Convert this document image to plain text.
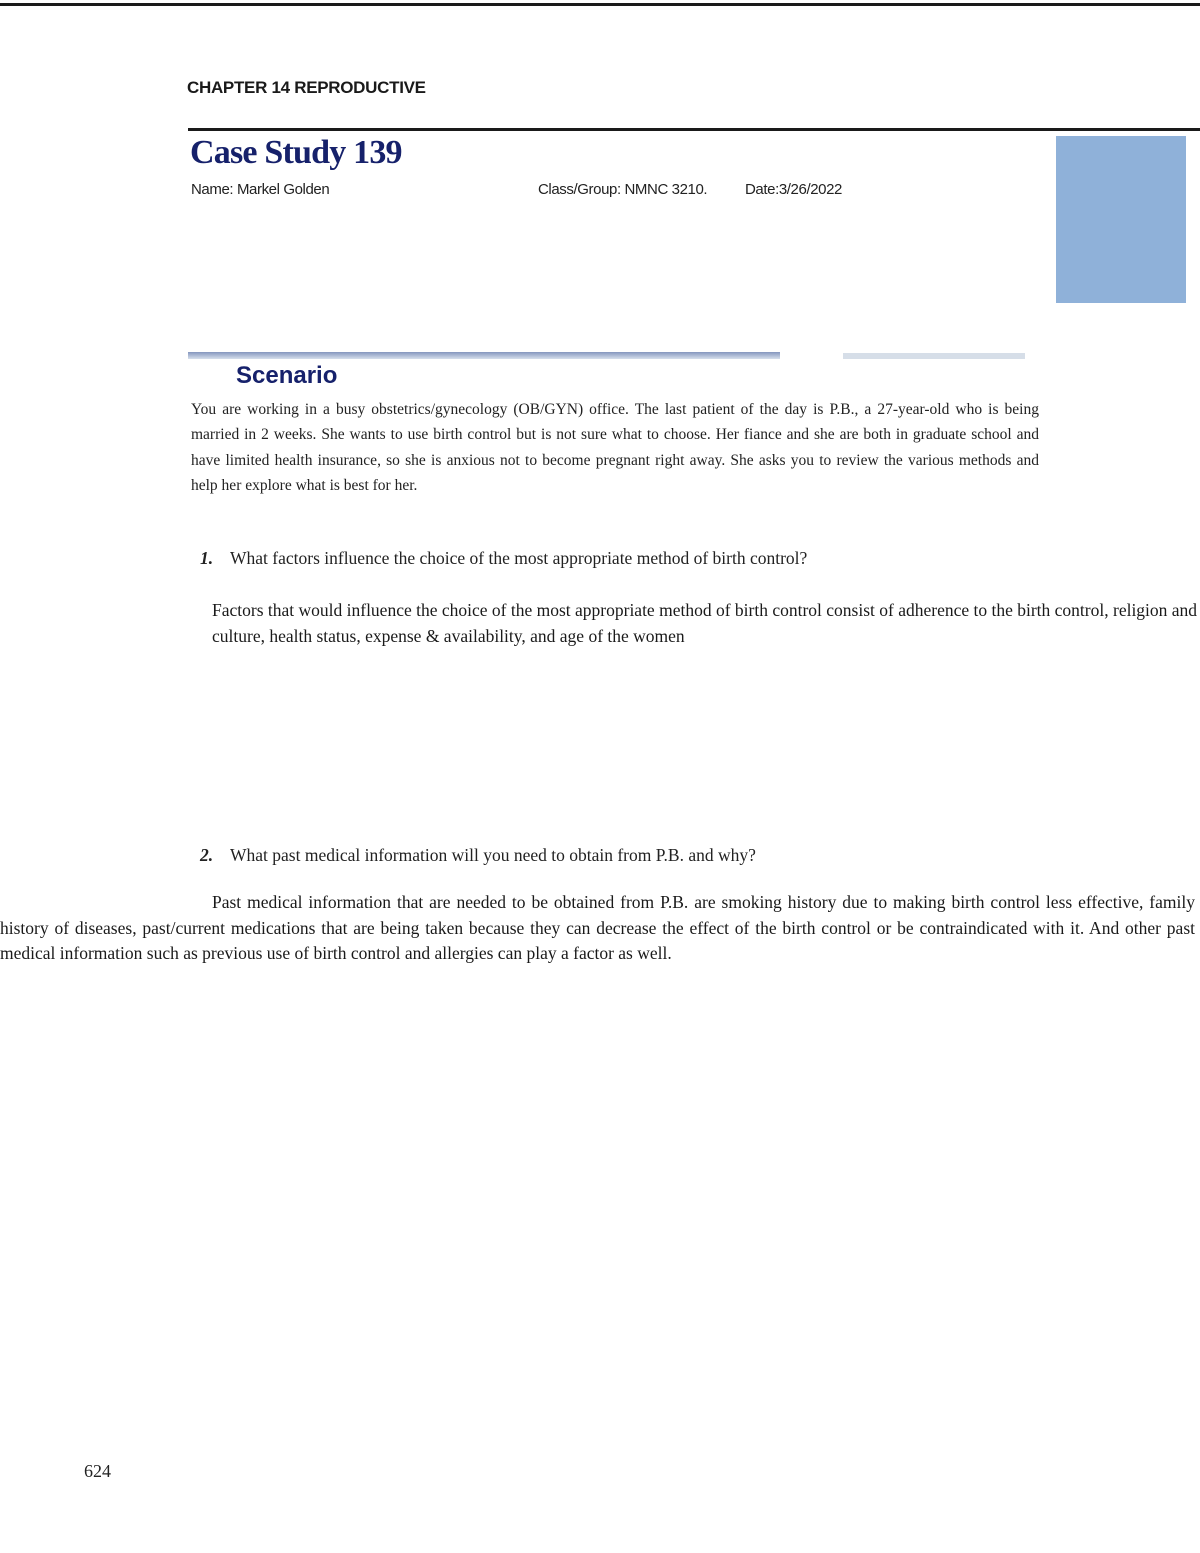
CHAPTER 14 REPRODUCTIVE
Case Study 139
Name: Markel Golden	Class/Group: NMNC 3210.	Date:3/26/2022
Scenario
You are working in a busy obstetrics/gynecology (OB/GYN) office. The last patient of the day is P.B., a 27-year-old who is being married in 2 weeks. She wants to use birth control but is not sure what to choose. Her fiance and she are both in graduate school and have limited health insurance, so she is anxious not to become pregnant right away. She asks you to review the various methods and help her explore what is best for her.
1. What factors influence the choice of the most appropriate method of birth control?
Factors that would influence the choice of the most appropriate method of birth control consist of adherence to the birth control, religion and culture, health status, expense & availability, and age of the women
2. What past medical information will you need to obtain from P.B. and why?
Past medical information that are needed to be obtained from P.B. are smoking history due to making birth control less effective, family history of diseases, past/current medications that are being taken because they can decrease the effect of the birth control or be contraindicated with it. And other past medical information such as previous use of birth control and allergies can play a factor as well.
624
